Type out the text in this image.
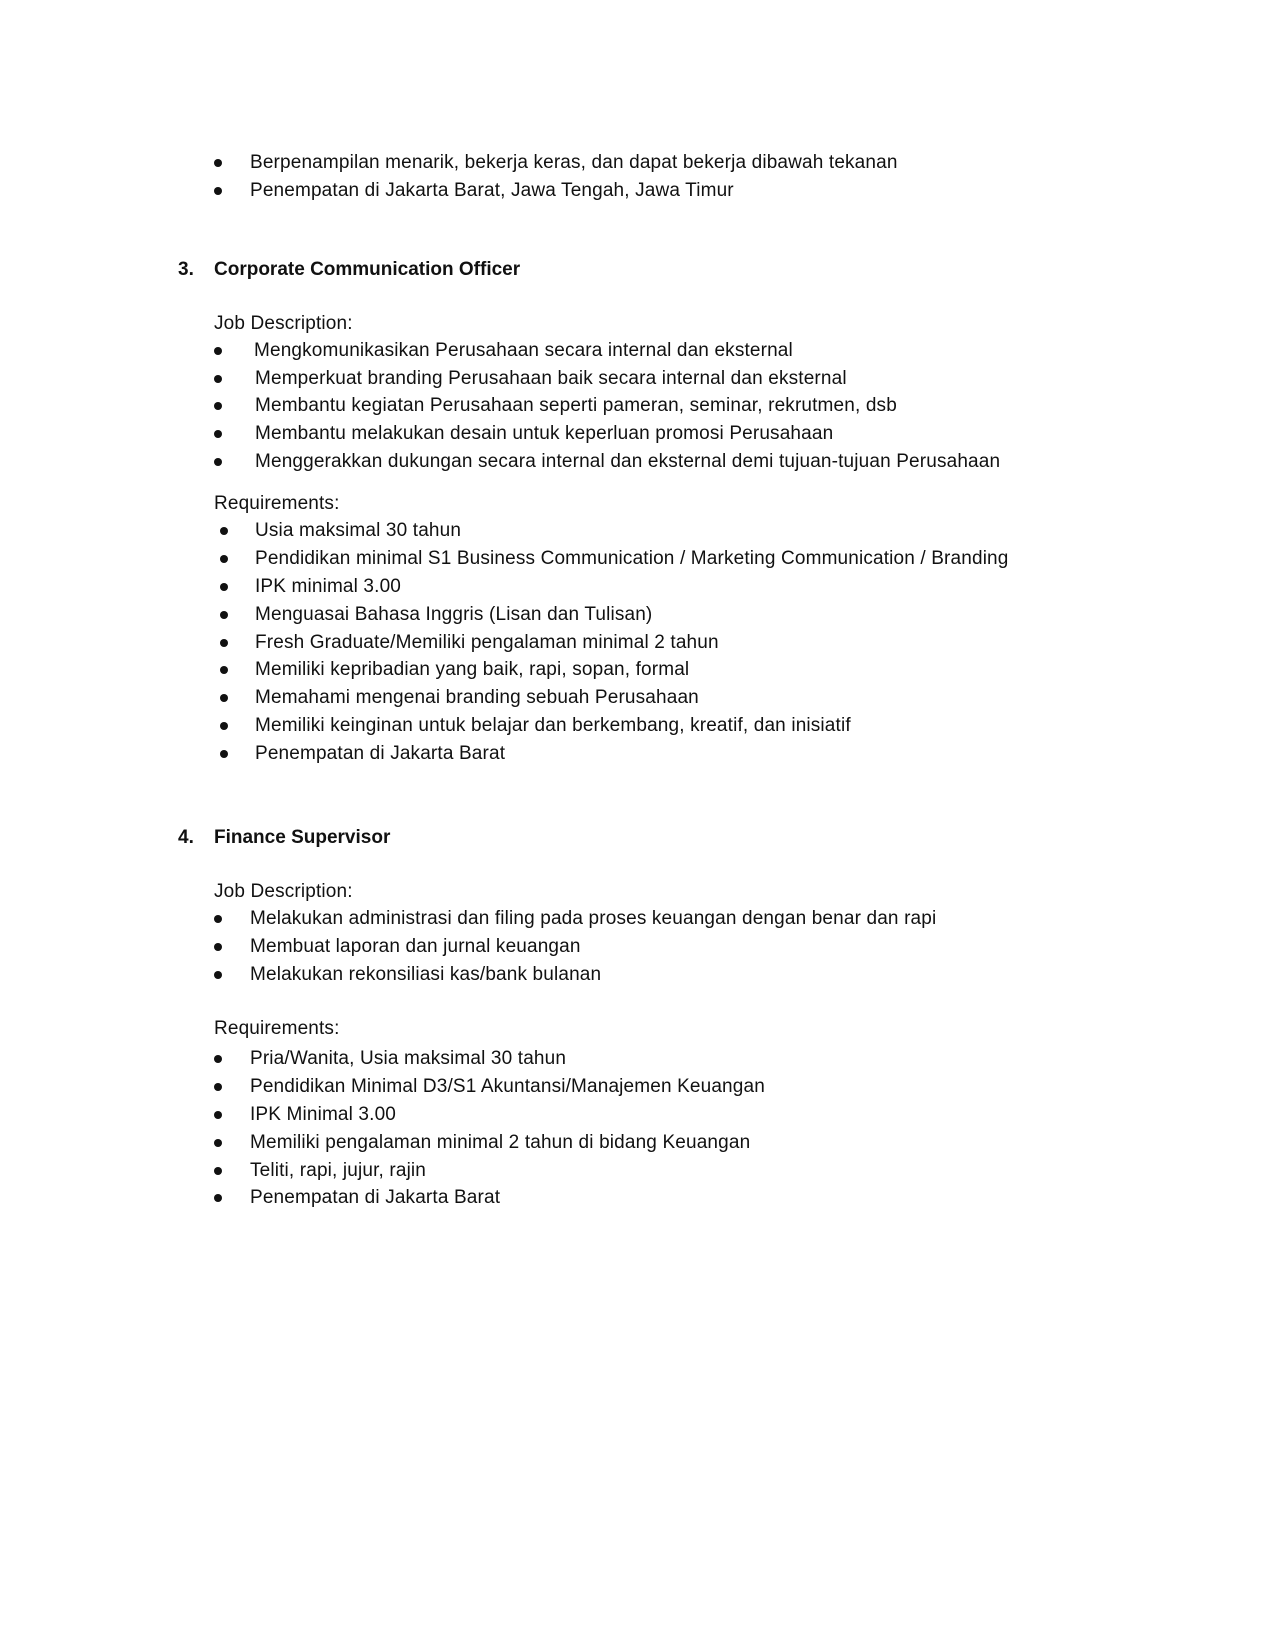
Berpenampilan menarik, bekerja keras, dan dapat bekerja dibawah tekanan
Penempatan di Jakarta Barat, Jawa Tengah, Jawa Timur
3. Corporate Communication Officer
Job Description:
Mengkomunikasikan Perusahaan secara internal dan eksternal
Memperkuat branding Perusahaan baik secara internal dan eksternal
Membantu kegiatan Perusahaan seperti pameran, seminar, rekrutmen, dsb
Membantu melakukan desain untuk keperluan promosi Perusahaan
Menggerakkan dukungan secara internal dan eksternal demi tujuan-tujuan Perusahaan
Requirements:
Usia maksimal 30 tahun
Pendidikan minimal S1 Business Communication / Marketing Communication / Branding
IPK minimal 3.00
Menguasai Bahasa Inggris (Lisan dan Tulisan)
Fresh Graduate/Memiliki pengalaman minimal 2 tahun
Memiliki kepribadian yang baik, rapi, sopan, formal
Memahami mengenai branding sebuah Perusahaan
Memiliki keinginan untuk belajar dan berkembang, kreatif, dan inisiatif
Penempatan di Jakarta Barat
4. Finance Supervisor
Job Description:
Melakukan administrasi dan filing pada proses keuangan dengan benar dan rapi
Membuat laporan dan jurnal keuangan
Melakukan rekonsiliasi kas/bank bulanan
Requirements:
Pria/Wanita, Usia maksimal 30 tahun
Pendidikan Minimal D3/S1 Akuntansi/Manajemen Keuangan
IPK Minimal 3.00
Memiliki pengalaman minimal 2 tahun di bidang Keuangan
Teliti, rapi, jujur, rajin
Penempatan di Jakarta Barat
